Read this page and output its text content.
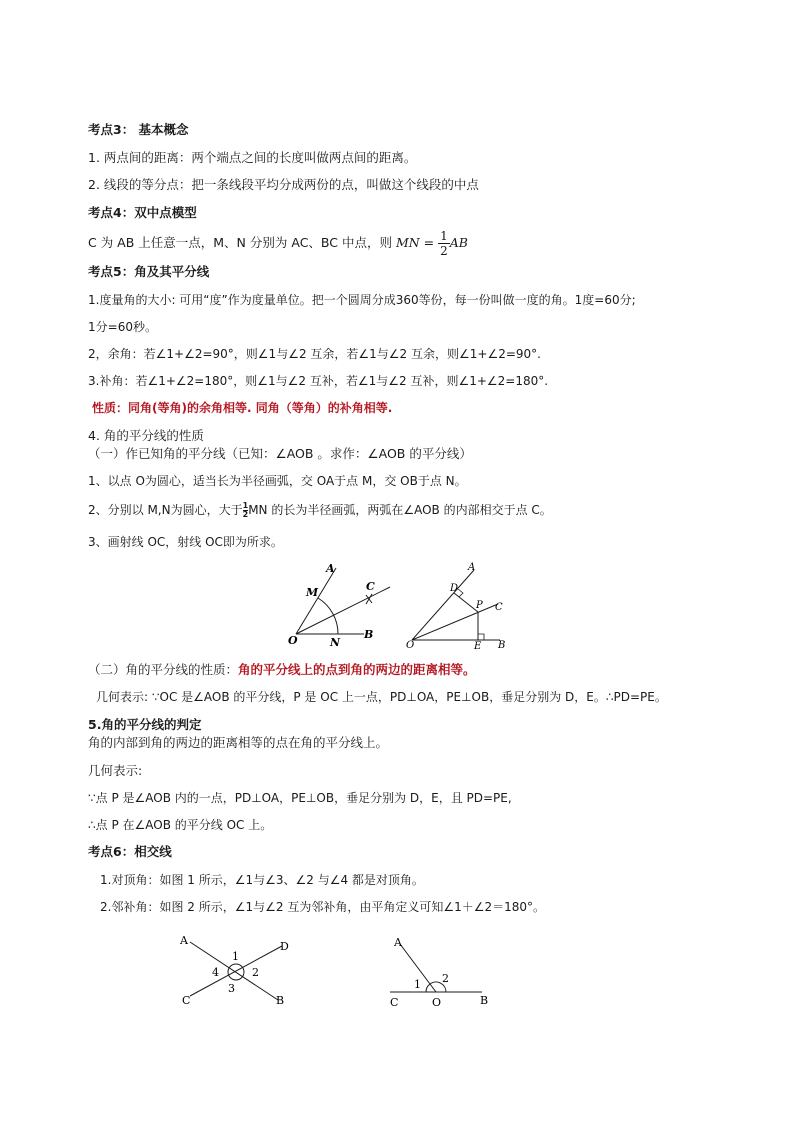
考点3： 基本概念
1. 两点间的距离：两个端点之间的长度叫做两点间的距离。
2. 线段的等分点：把一条线段平均分成两份的点，叫做这个线段的中点
考点4：双中点模型
C 为 AB 上任意一点，M、N 分别为 AC、BC 中点，则 MN = $\frac{1}{2}$ AB
考点5：角及其平分线
1.度量角的大小: 可用“度”作为度量单位。把一个圆周分成360等份，每一份叫做一度的角。1度=60分;
1分=60秒。
2，余角：若∠1+∠2=90°，则∠1与∠2 互余，若∠1与∠2 互余，则∠1+∠2=90°.
3.补角：若∠1+∠2=180°，则∠1与∠2 互补，若∠1与∠2 互补，则∠1+∠2=180°.
性质：同角(等角)的余角相等. 同角（等角）的补角相等.
4. 角的平分线的性质
（一）作已知角的平分线（已知：∠AOB 。求作：∠AOB 的平分线）
1、以点 O为圆心，适当长为半径画弧，交 OA于点 M，交 OB于点 N。
2、分别以 M,N为圆心，大于 $\frac{1}{2}$ MN 的长为半径画弧，两弧在∠AOB 的内部相交于点 C。
3、画射线 OC，射线 OC即为所求。
A
M	C
O	N
B
A
D
P C
O	E B
（二）角的平分线的性质：角的平分线上的点到角的两边的距离相等。
几何表示: ∵OC 是∠AOB 的平分线，P 是 OC 上一点，PD⊥OA，PE⊥OB，垂足分别为 D，E。∴PD=PE。
5.角的平分线的判定
角的内部到角的两边的距离相等的点在角的平分线上。
几何表示:
∵点 P 是∠AOB 内的一点，PD⊥OA，PE⊥OB，垂足分别为 D，E，且 PD=PE,
∴点 P 在∠AOB 的平分线 OC 上。
考点6：相交线
1.对顶角：如图 1 所示，∠1与∠3、∠2 与∠4 都是对顶角。
2.邻补角：如图 2 所示，∠1与∠2 互为邻补角，由平角定义可知∠1＋∠2＝180°。
A	D
C	B
1
2
3
4
A
C	O	B
1 2
